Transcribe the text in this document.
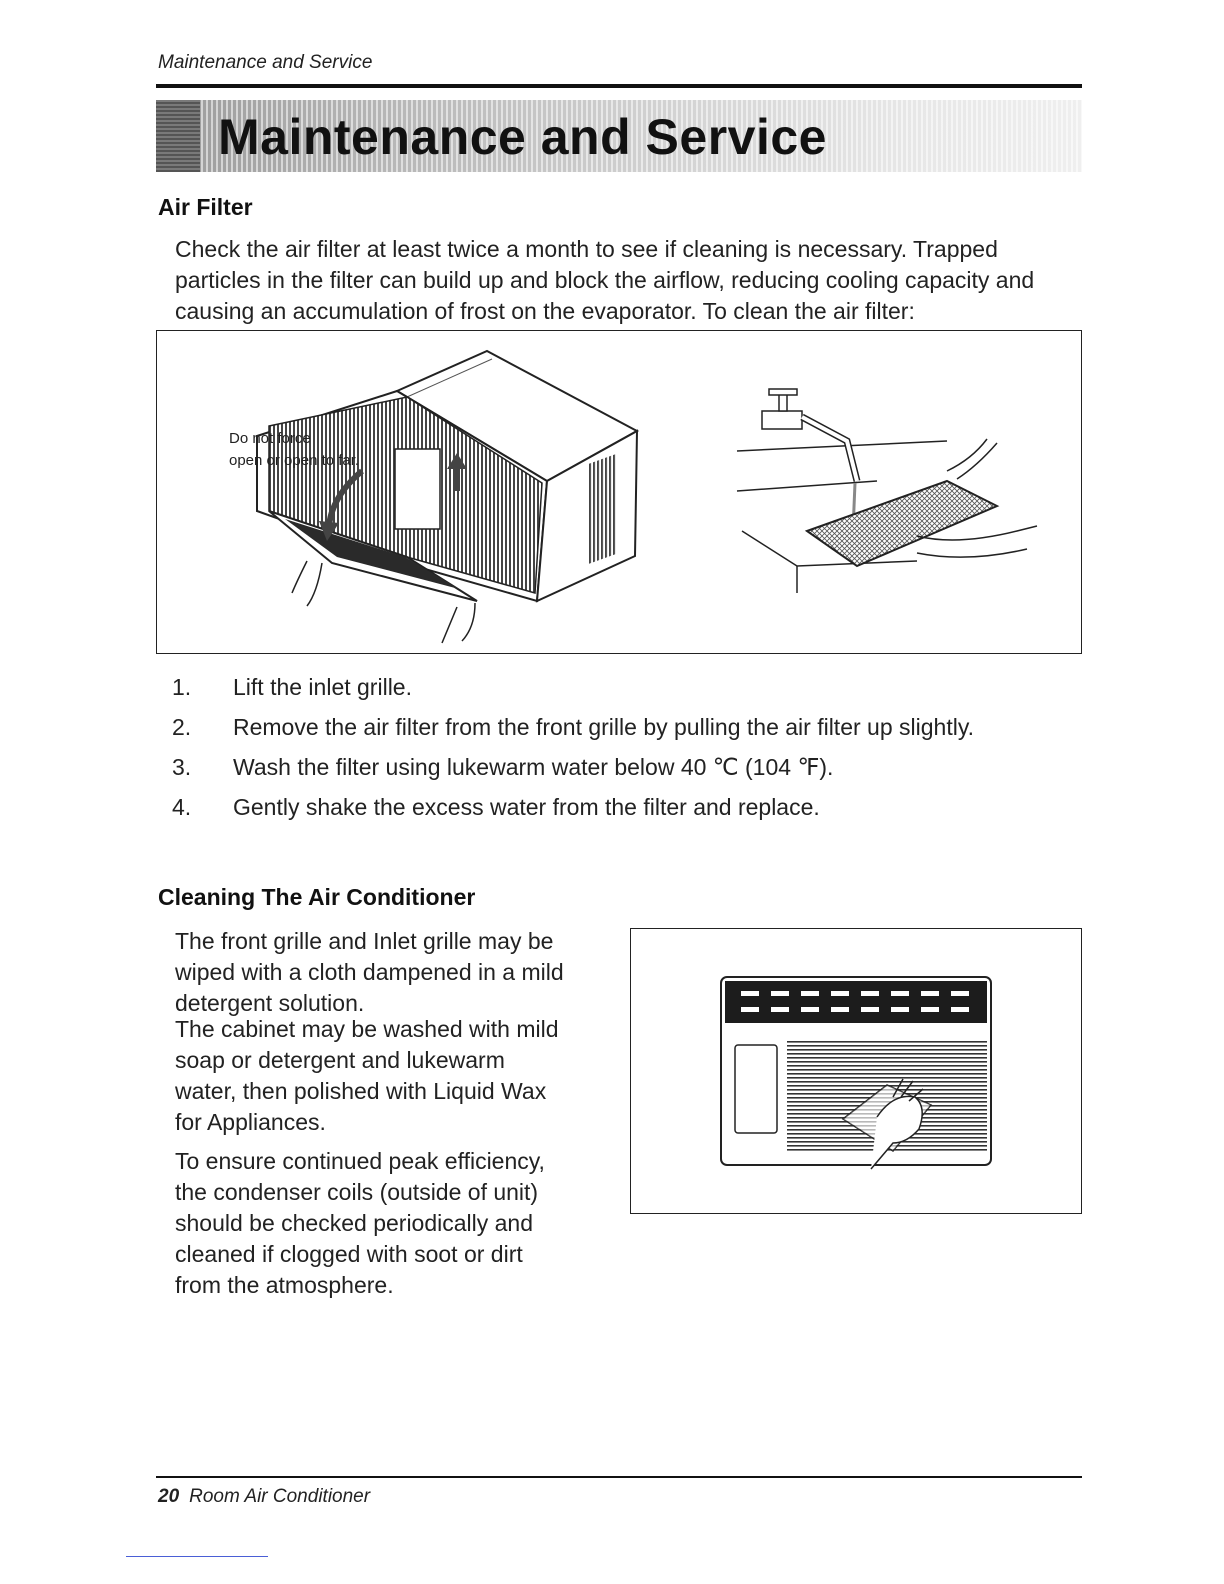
Maintenance and Service
Maintenance and Service
Air Filter

Check the air filter at least twice a month to see if cleaning is necessary. Trapped particles in the filter can build up and block the airflow, reducing cooling capacity and causing an accumulation of frost on the evaporator. To clean the air filter:

Do not force
open or open to far.
1.	Lift the inlet grille.
2.	Remove the air filter from the front grille by pulling the air filter up slightly.
3.	Wash the filter using lukewarm water below 40 ℃ (104 ℉).
4.	Gently shake the excess water from the filter and replace.
Cleaning The Air Conditioner
The front grille and Inlet grille may be
wiped with a cloth dampened in a mild
detergent solution.
The cabinet may be washed with mild
soap or detergent and lukewarm
water, then polished with Liquid Wax
for Appliances.
To ensure continued peak efficiency,
the condenser coils (outside of unit)
should be checked periodically and
cleaned if clogged with soot or dirt
from the atmosphere.
20 Room Air Conditioner
